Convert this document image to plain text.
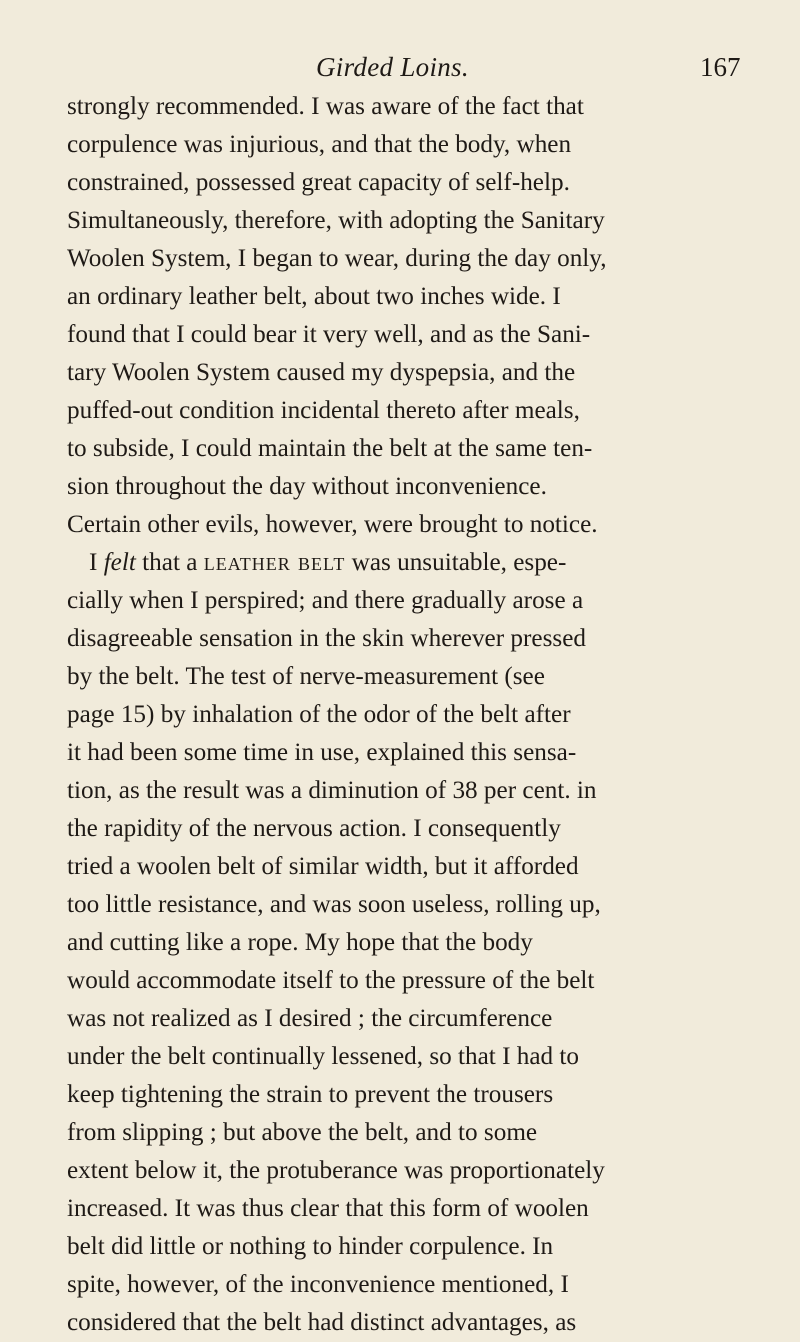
Girded Loins.	167
strongly recommended. I was aware of the fact that
corpulence was injurious, and that the body, when
constrained, possessed great capacity of self-help.
Simultaneously, therefore, with adopting the Sanitary
Woolen System, I began to wear, during the day only,
an ordinary leather belt, about two inches wide. I
found that I could bear it very well, and as the Sani-
tary Woolen System caused my dyspepsia, and the
puffed-out condition incidental thereto after meals,
to subside, I could maintain the belt at the same ten-
sion throughout the day without inconvenience.
Certain other evils, however, were brought to notice.
I felt that a leather belt was unsuitable, espe-
cially when I perspired; and there gradually arose a
disagreeable sensation in the skin wherever pressed
by the belt. The test of nerve-measurement (see
page 15) by inhalation of the odor of the belt after
it had been some time in use, explained this sensa-
tion, as the result was a diminution of 38 per cent. in
the rapidity of the nervous action. I consequently
tried a woolen belt of similar width, but it afforded
too little resistance, and was soon useless, rolling up,
and cutting like a rope. My hope that the body
would accommodate itself to the pressure of the belt
was not realized as I desired ; the circumference
under the belt continually lessened, so that I had to
keep tightening the strain to prevent the trousers
from slipping ; but above the belt, and to some
extent below it, the protuberance was proportionately
increased. It was thus clear that this form of woolen
belt did little or nothing to hinder corpulence. In
spite, however, of the inconvenience mentioned, I
considered that the belt had distinct advantages, as
